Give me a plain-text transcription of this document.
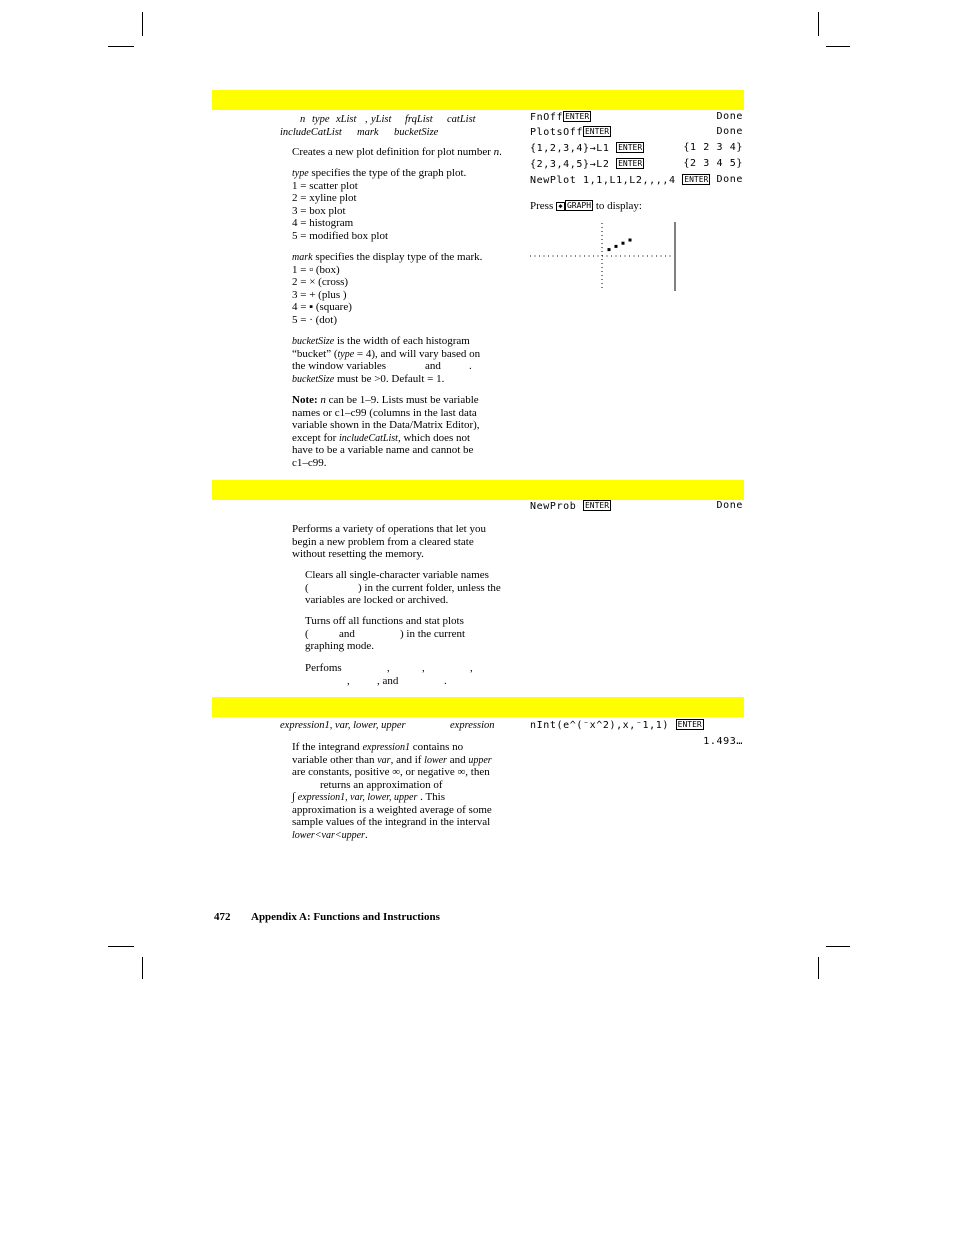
n type xList , yList frqList catList
includeCatList mark bucketSize
Creates a new plot definition for plot number n.
type specifies the type of the graph plot.
1 = scatter plot
2 = xyline plot
3 = box plot
4 = histogram
5 = modified box plot
mark specifies the display type of the mark.
1 = ▫ (box)
2 = × (cross)
3 = + (plus )
4 = ▪ (square)
5 = · (dot)
bucketSize is the width of each histogram
“bucket” (type = 4), and will vary based on
the window variables	and	.
bucketSize must be >0. Default = 1.
Note: n can be 1–9. Lists must be variable
names or c1–c99 (columns in the last data
variable shown in the Data/Matrix Editor),
except for includeCatList, which does not
have to be a variable name and cannot be
c1–c99.
FnOff ENTER	Done
PlotsOff ENTER	Done
{1,2,3,4}→L1 ENTER	{1 2 3 4}
{2,3,4,5}→L2 ENTER	{2 3 4 5}
NewPlot 1,1,L1,L2,,,,4 ENTER Done
Press ◆ GRAPH to display:
NewProb ENTER	Done
Performs a variety of operations that let you
begin a new problem from a cleared state
without resetting the memory.
Clears all single-character variable names
(	) in the current folder, unless the
variables are locked or archived.
Turns off all functions and stat plots
(	and	) in the current
graphing mode.
Perfoms	,	,	,
, , and	.
expression1, var, lower, upper	expression	nInt(e^(⁻x^2),x,⁻1,1) ENTER
1.493…
If the integrand expression1 contains no
variable other than var, and if lower and upper
are constants, positive ∞, or negative ∞, then
returns an approximation of
∫ expression1, var, lower, upper . This
approximation is a weighted average of some
sample values of the integrand in the interval
lower<var<upper.
472 Appendix A: Functions and Instructions
